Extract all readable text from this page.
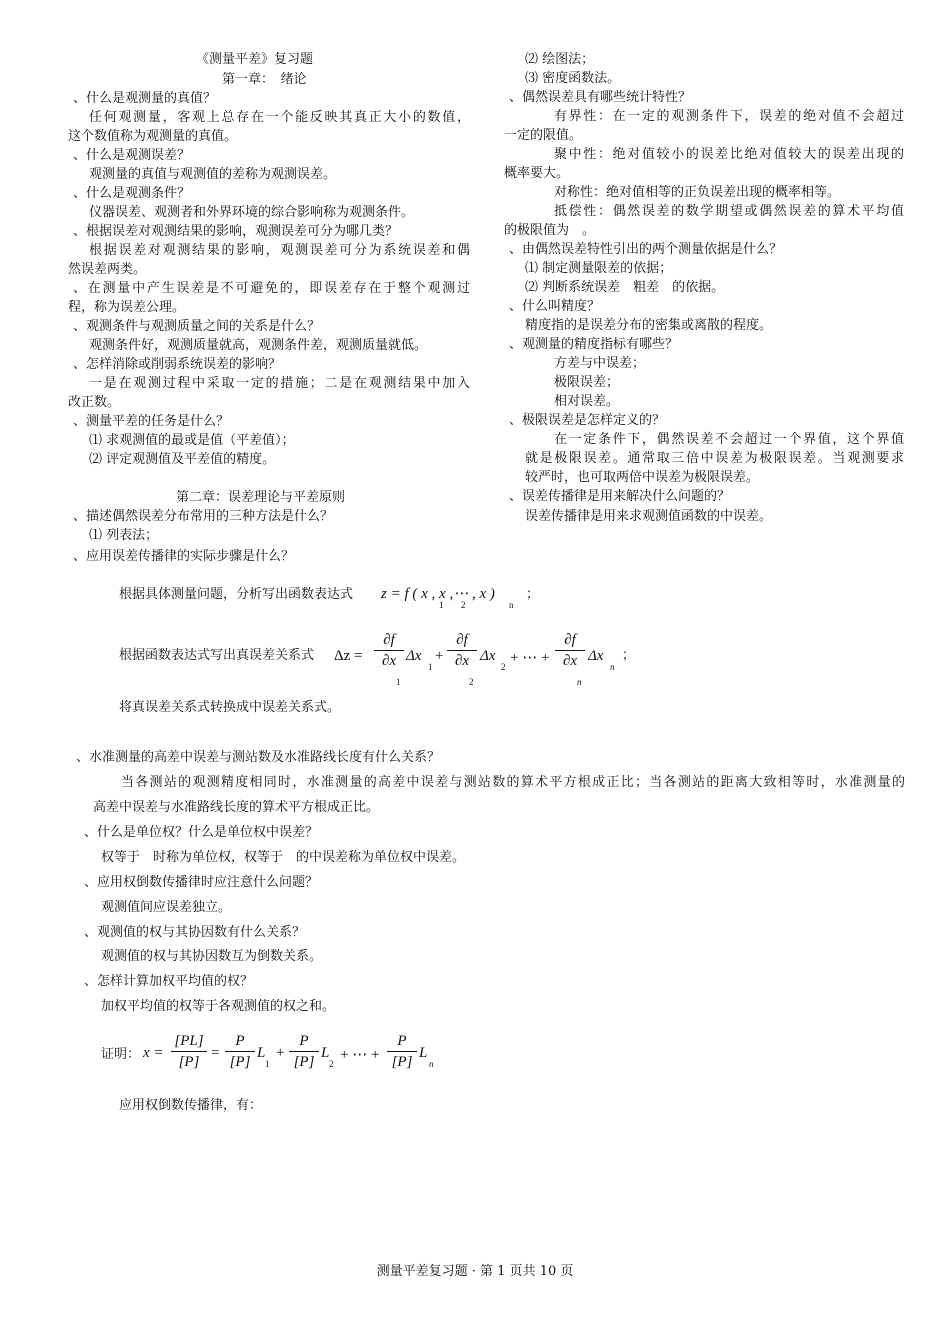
《测量平差》复习题

第一章：　绪论

、什么是观测量的真值？

任何观测量，客观上总存在一个能反映其真正大小的数值，

这个数值称为观测量的真值。

、什么是观测误差？

观测量的真值与观测值的差称为观测误差。

、什么是观测条件？

仪器误差、观测者和外界环境的综合影响称为观测条件。

、根据误差对观测结果的影响，观测误差可分为哪几类？

根据误差对观测结果的影响，观测误差可分为系统误差和偶

然误差两类。

、在测量中产生误差是不可避免的，即误差存在于整个观测过

程，称为误差公理。

、观测条件与观测质量之间的关系是什么？

观测条件好，观测质量就高，观测条件差，观测质量就低。

、怎样消除或削弱系统误差的影响？

一是在观测过程中采取一定的措施；二是在观测结果中加入

改正数。

、测量平差的任务是什么？

⑴ 求观测值的最或是值（平差值）；

⑵ 评定观测值及平差值的精度。

第二章：误差理论与平差原则

、描述偶然误差分布常用的三种方法是什么？

⑴ 列表法；

、应用误差传播律的实际步骤是什么？

⑵ 绘图法；

⑶ 密度函数法。

、偶然误差具有哪些统计特性？

有界性：在一定的观测条件下，误差的绝对值不会超过

一定的限值。

聚中性：绝对值较小的误差比绝对值较大的误差出现的

概率要大。

对称性：绝对值相等的正负误差出现的概率相等。

抵偿性：偶然误差的数学期望或偶然误差的算术平均值

的极限值为　。

、由偶然误差特性引出的两个测量依据是什么？

⑴ 制定测量限差的依据；

⑵ 判断系统误差　粗差　的依据。

、什么叫精度？

精度指的是误差分布的密集或离散的程度。

、观测量的精度指标有哪些？

方差与中误差；

极限误差；

相对误差。

、极限误差是怎样定义的？

在一定条件下，偶然误差不会超过一个界值，这个界值

就是极限误差。通常取三倍中误差为极限误差。当观测要求

较严时，也可取两倍中误差为极限误差。

、误差传播律是用来解决什么问题的？

误差传播律是用来求观测值函数的中误差。

根据具体测量问题，分析写出函数表达式 z = f ( x , x ,⋯ , x )
1 2	n

；

根据函数表达式写出真误差关系式 Δz =
∂f
∂x
1
Δx
1
+
∂f
∂x
2
Δx
2
+ ⋯ +
∂f
∂x
n
Δx
n

；

将真误差关系式转换成中误差关系式。

、水准测量的高差中误差与测站数及水准路线长度有什么关系？

当各测站的观测精度相同时，水准测量的高差中误差与测站数的算术平方根成正比；当各测站的距离大致相等时，水准测量的

高差中误差与水准路线长度的算术平方根成正比。

、什么是单位权？什么是单位权中误差？

权等于　时称为单位权，权等于　的中误差称为单位权中误差。

、应用权倒数传播律时应注意什么问题？

观测值间应误差独立。

、观测值的权与其协因数有什么关系？

观测值的权与其协因数互为倒数关系。

、怎样计算加权平均值的权？

加权平均值的权等于各观测值的权之和。

证明： x =
[PL]
[P]
=
P
[P]
L
1
+
P
[P]
L
2
+ ⋯ +
P
[P]
L
n

应用权倒数传播律，有：

测量平差复习题 · 第 1 页共 10 页
